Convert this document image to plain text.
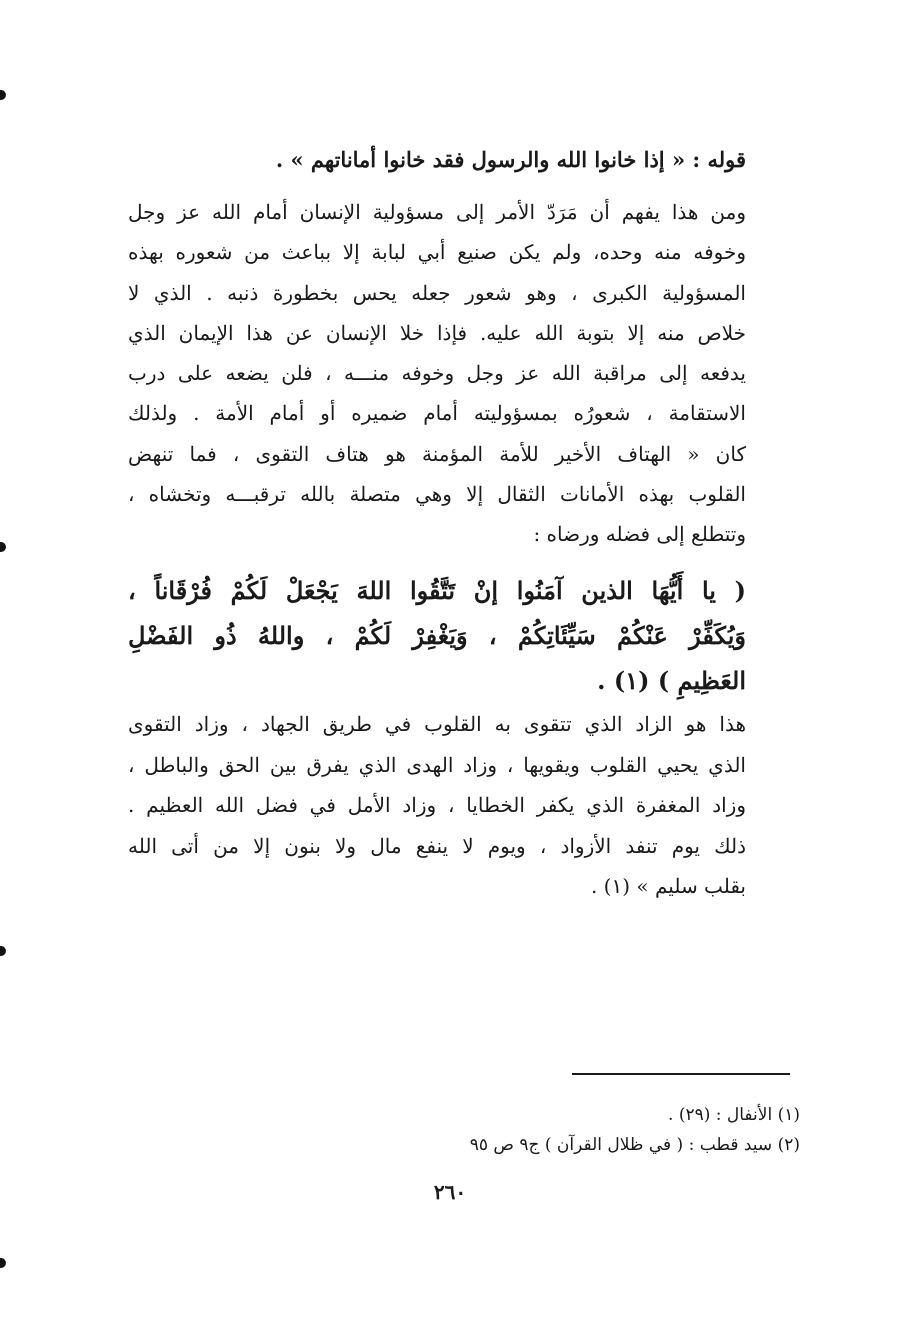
قوله : « إذا خانوا الله والرسول فقد خانوا أماناتهم » .
ومن هذا يفهم أن مَرَدّ الأمر إلى مسؤولية الإنسان أمام الله عز وجل
وخوفه منه وحده، ولم يكن صنيع أبي لبابة إلا بباعث من شعوره بهذه
المسؤولية الكبرى ، وهو شعور جعله يحس بخطورة ذنبه . الذي لا
خلاص منه إلا بتوبة الله عليه. فإذا خلا الإنسان عن هذا الإيمان الذي
يدفعه إلى مراقبة الله عز وجل وخوفه منـــه ، فلن يضعه على درب
الاستقامة ، شعورُه بمسؤوليته أمام ضميره أو أمام الأمة . ولذلك
كان « الهتاف الأخير للأمة المؤمنة هو هتاف التقوى ، فما تنهض
القلوب بهذه الأمانات الثقال إلا وهي متصلة بالله ترقبـــه وتخشاه ،
وتتطلع إلى فضله ورضاه :
( يا أَيُّهَا الذين آمَنُوا إنْ تَتَّقُوا اللهَ يَجْعَلْ لَكُمْ فُرْقَاناً ،
وَيُكَفِّرْ عَنْكُمْ سَيِّئَاتِكُمْ ، وَيَغْفِرْ لَكُمْ ، واللهُ ذُو الفَضْلِ
العَظِيمِ ) (١) .
هذا هو الزاد الذي تتقوى به القلوب في طريق الجهاد ، وزاد التقوى
الذي يحيي القلوب ويقويها ، وزاد الهدى الذي يفرق بين الحق والباطل ،
وزاد المغفرة الذي يكفر الخطايا ، وزاد الأمل في فضل الله العظيم .
ذلك يوم تنفد الأزواد ، ويوم لا ينفع مال ولا بنون إلا من أتى الله
بقلب سليم » (١) .
(١) الأنفال : (٢٩) .
(٢) سيد قطب : ( في ظلال القرآن ) ج٩ ص ٩٥
٢٦٠
